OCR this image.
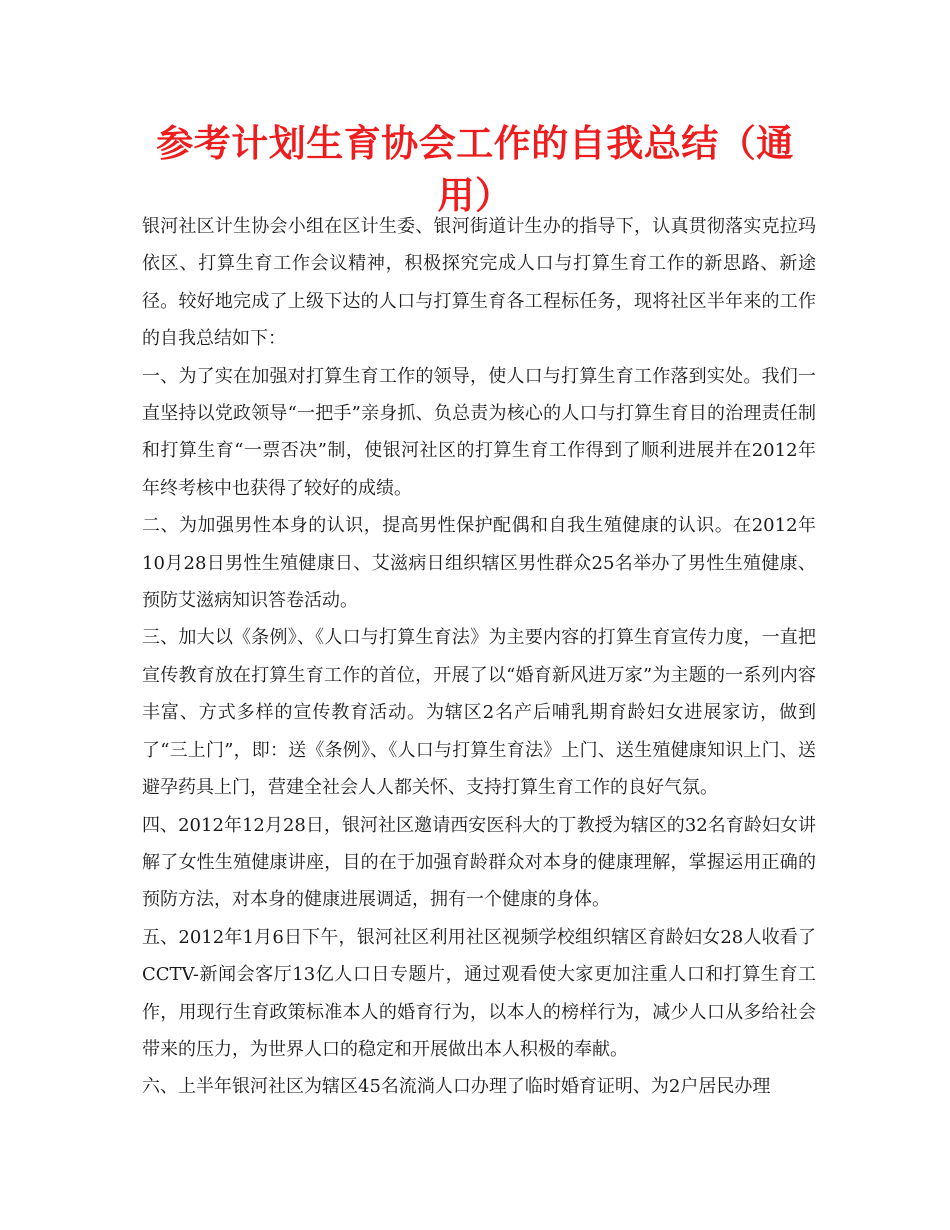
参考计划生育协会工作的自我总结（通用）

银河社区计生协会小组在区计生委、银河街道计生办的指导下，认真贯彻落实克拉玛依区、打算生育工作会议精神，积极探究完成人口与打算生育工作的新思路、新途径。较好地完成了上级下达的人口与打算生育各工程标任务，现将社区半年来的工作的自我总结如下：

一、为了实在加强对打算生育工作的领导，使人口与打算生育工作落到实处。我们一直坚持以党政领导“一把手”亲身抓、负总责为核心的人口与打算生育目的治理责任制和打算生育“一票否决”制，使银河社区的打算生育工作得到了顺利进展并在2012年年终考核中也获得了较好的成绩。

二、为加强男性本身的认识，提高男性保护配偶和自我生殖健康的认识。在2012年10月28日男性生殖健康日、艾滋病日组织辖区男性群众25名举办了男性生殖健康、预防艾滋病知识答卷活动。

三、加大以《条例》、《人口与打算生育法》为主要内容的打算生育宣传力度，一直把宣传教育放在打算生育工作的首位，开展了以“婚育新风进万家”为主题的一系列内容丰富、方式多样的宣传教育活动。为辖区2名产后哺乳期育龄妇女进展家访，做到了“三上门”，即：送《条例》、《人口与打算生育法》上门、送生殖健康知识上门、送避孕药具上门，营建全社会人人都关怀、支持打算生育工作的良好气氛。

四、2012年12月28日，银河社区邀请西安医科大的丁教授为辖区的32名育龄妇女讲解了女性生殖健康讲座，目的在于加强育龄群众对本身的健康理解，掌握运用正确的预防方法，对本身的健康进展调适，拥有一个健康的身体。

五、2012年1月6日下午，银河社区利用社区视频学校组织辖区育龄妇女28人收看了CCTV-新闻会客厅13亿人口日专题片，通过观看使大家更加注重人口和打算生育工作，用现行生育政策标准本人的婚育行为，以本人的榜样行为，减少人口从多给社会带来的压力，为世界人口的稳定和开展做出本人积极的奉献。

六、上半年银河社区为辖区45名流淌人口办理了临时婚育证明、为2户居民办理
